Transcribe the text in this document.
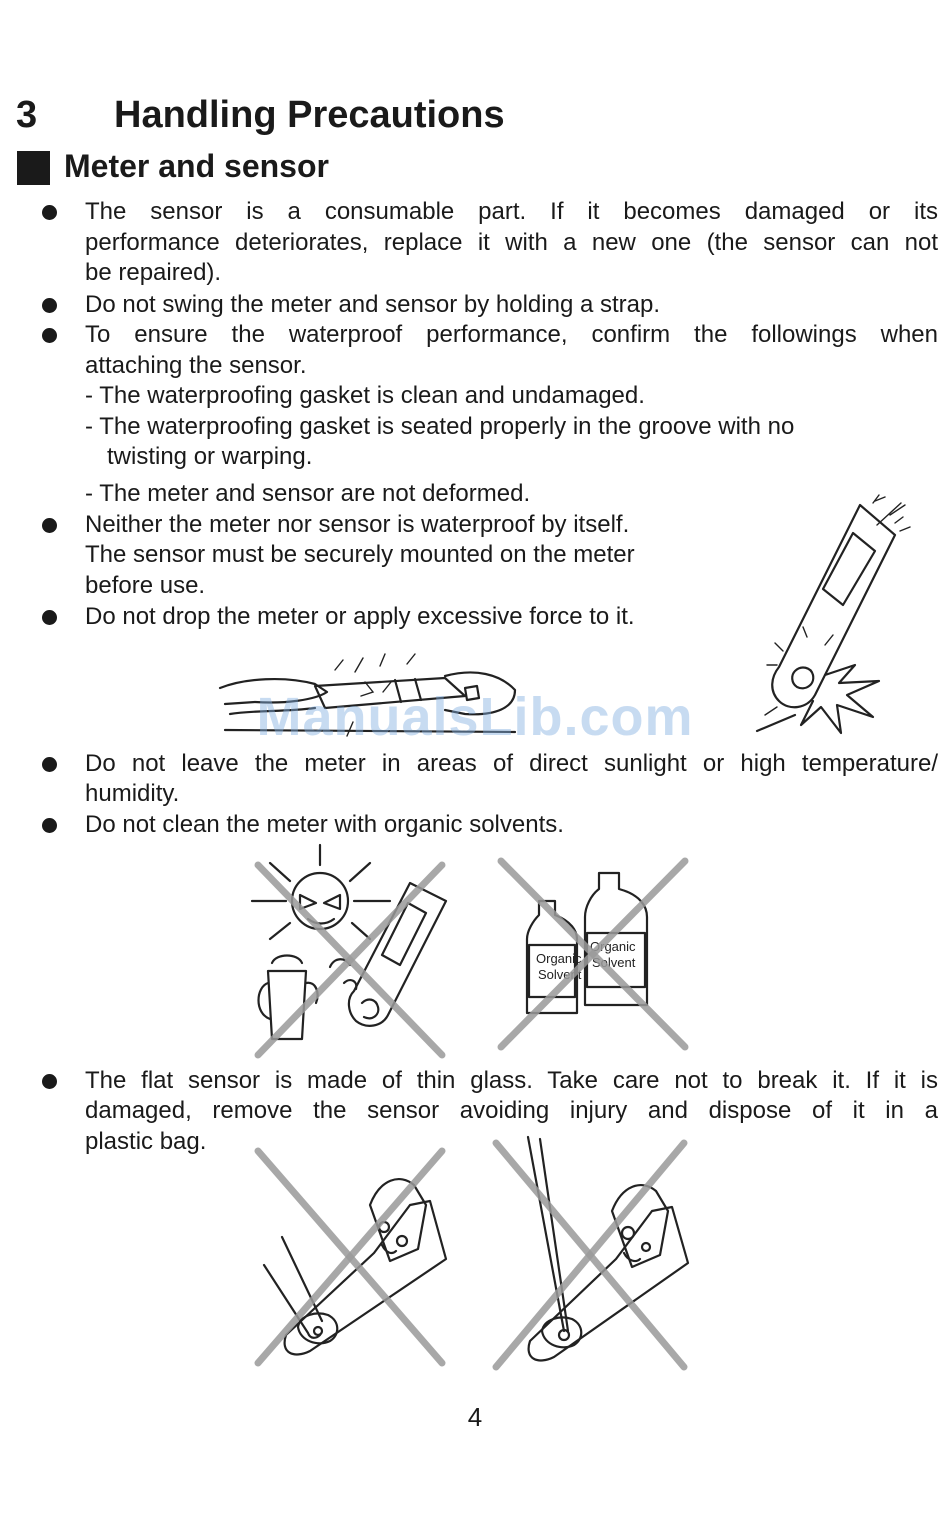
3 Handling Precautions
Meter and sensor
The sensor is a consumable part. If it becomes damaged or its
performance deteriorates, replace it with a new one (the sensor can not
be repaired).
Do not swing the meter and sensor by holding a strap.
To ensure the waterproof performance, confirm the followings when
attaching the sensor.
- The waterproofing gasket is clean and undamaged.
- The waterproofing gasket is seated properly in the groove with no
twisting or warping.
- The meter and sensor are not deformed.
Neither the meter nor sensor is waterproof by itself.
The sensor must be securely mounted on the meter
before use.
Do not drop the meter or apply excessive force to it.
ManualsLib.com
Do not leave the meter in areas of direct sunlight or high temperature/
humidity.
Do not clean the meter with organic solvents.
Organic
Solvent
Organic
Solvent
The flat sensor is made of thin glass. Take care not to break it. If it is
damaged, remove the sensor avoiding injury and dispose of it in a
plastic bag.
4
